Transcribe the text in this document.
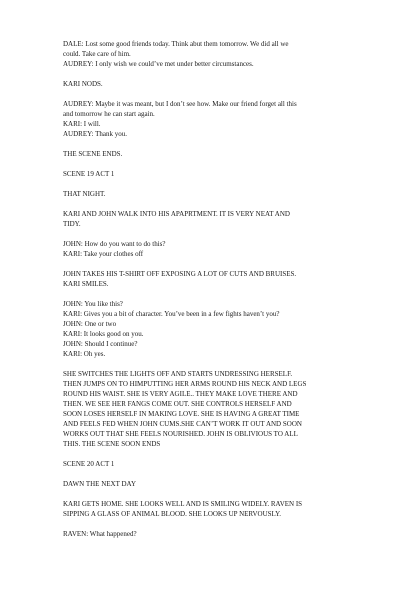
DALE: Lost some good friends today. Think abut them tomorrow. We did all we
could. Take care of him.
AUDREY: I only wish we could’ve met under better circumstances.
KARI NODS.
AUDREY: Maybe it was meant, but I don’t see how. Make our friend forget all this
and tomorrow he can start again.
KARI: I will.
AUDREY: Thank you.
THE SCENE ENDS.
SCENE 19 ACT 1
THAT NIGHT.
KARI AND JOHN WALK INTO HIS APAPRTMENT. IT IS VERY NEAT AND
TIDY.
JOHN: How do you want to do this?
KARI: Take your clothes off
JOHN TAKES HIS T-SHIRT OFF EXPOSING A LOT OF CUTS AND BRUISES.
KARI SMILES.
JOHN: You like this?
KARI: Gives you a bit of character. You’ve been in a few fights haven’t you?
JOHN: One or two
KARI: It looks good on you.
JOHN: Should I continue?
KARI: Oh yes.
SHE SWITCHES THE LIGHTS OFF AND STARTS UNDRESSING HERSELF.
THEN JUMPS ON TO HIMPUTTING HER ARMS ROUND HIS NECK AND LEGS
ROUND HIS WAIST. SHE IS VERY AGILE.. THEY MAKE LOVE THERE AND
THEN. WE SEE HER FANGS COME OUT. SHE CONTROLS HERSELF AND
SOON LOSES HERSELF IN MAKING LOVE. SHE IS HAVING A GREAT TIME
AND FEELS FED WHEN JOHN CUMS.SHE CAN’T WORK IT OUT AND SOON
WORKS OUT THAT SHE FEELS NOURISHED. JOHN IS OBLIVIOUS TO ALL
THIS. THE SCENE SOON ENDS
SCENE 20 ACT 1
DAWN THE NEXT DAY
KARI GETS HOME. SHE LOOKS WELL AND IS SMILING WIDELY. RAVEN IS
SIPPING A GLASS OF ANIMAL BLOOD. SHE LOOKS UP NERVOUSLY.
RAVEN: What happened?
